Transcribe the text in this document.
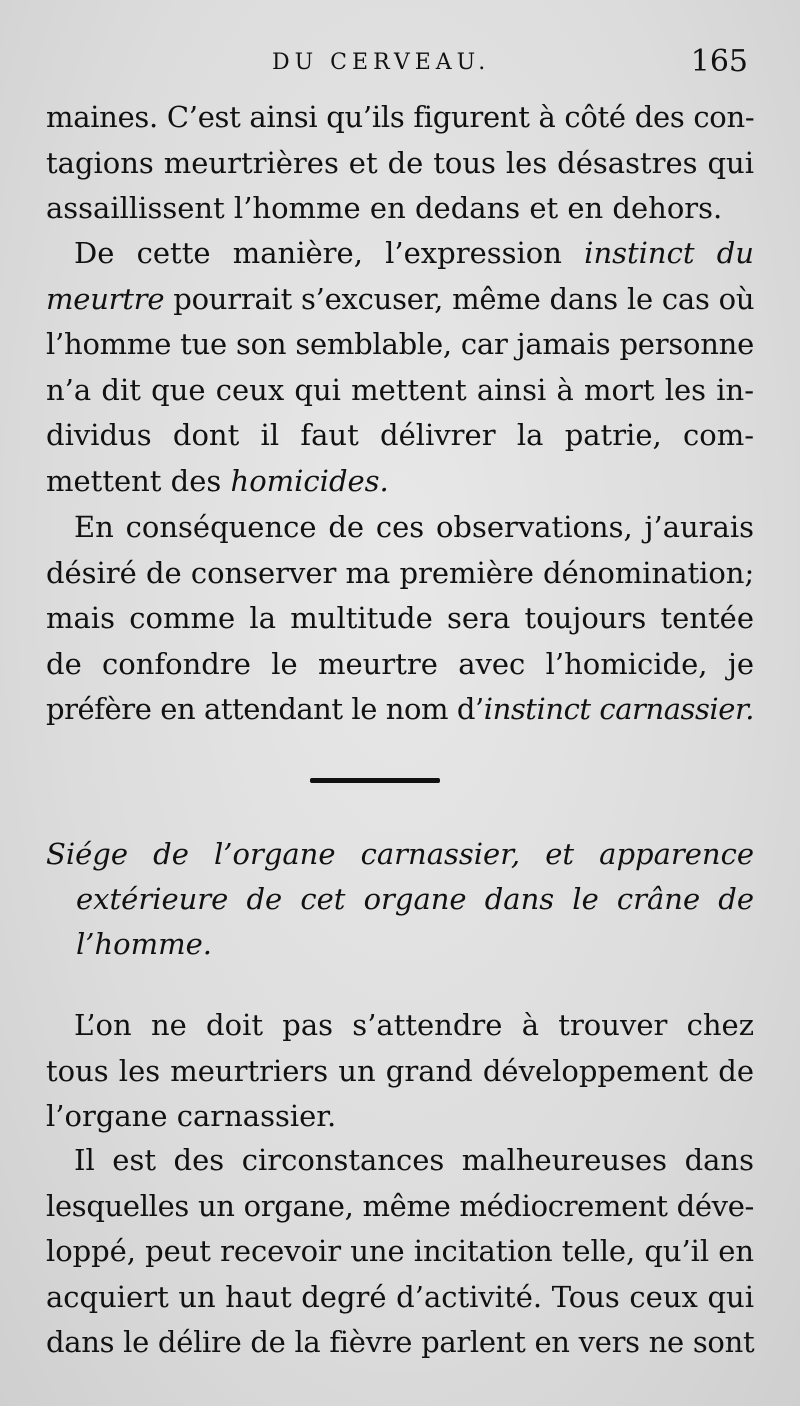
DU CERVEAU.	165
maines. C’est ainsi qu’ils figurent à côté des con-
tagions meurtrières et de tous les désastres qui
assaillissent l’homme en dedans et en dehors.
De cette manière, l’expression instinct du
meurtre pourrait s’excuser, même dans le cas où
l’homme tue son semblable, car jamais personne
n’a dit que ceux qui mettent ainsi à mort les in-
dividus dont il faut délivrer la patrie, com-
mettent des homicides.
En conséquence de ces observations, j’aurais
désiré de conserver ma première dénomination;
mais comme la multitude sera toujours tentée
de confondre le meurtre avec l’homicide, je
préfère en attendant le nom d’instinct carnassier.
Siége de l’organe carnassier, et apparence
extérieure de cet organe dans le crâne de
l’homme.
L’on ne doit pas s’attendre à trouver chez
tous les meurtriers un grand développement de
l’organe carnassier.
Il est des circonstances malheureuses dans
lesquelles un organe, même médiocrement déve-
loppé, peut recevoir une incitation telle, qu’il en
acquiert un haut degré d’activité. Tous ceux qui
dans le délire de la fièvre parlent en vers ne sont
